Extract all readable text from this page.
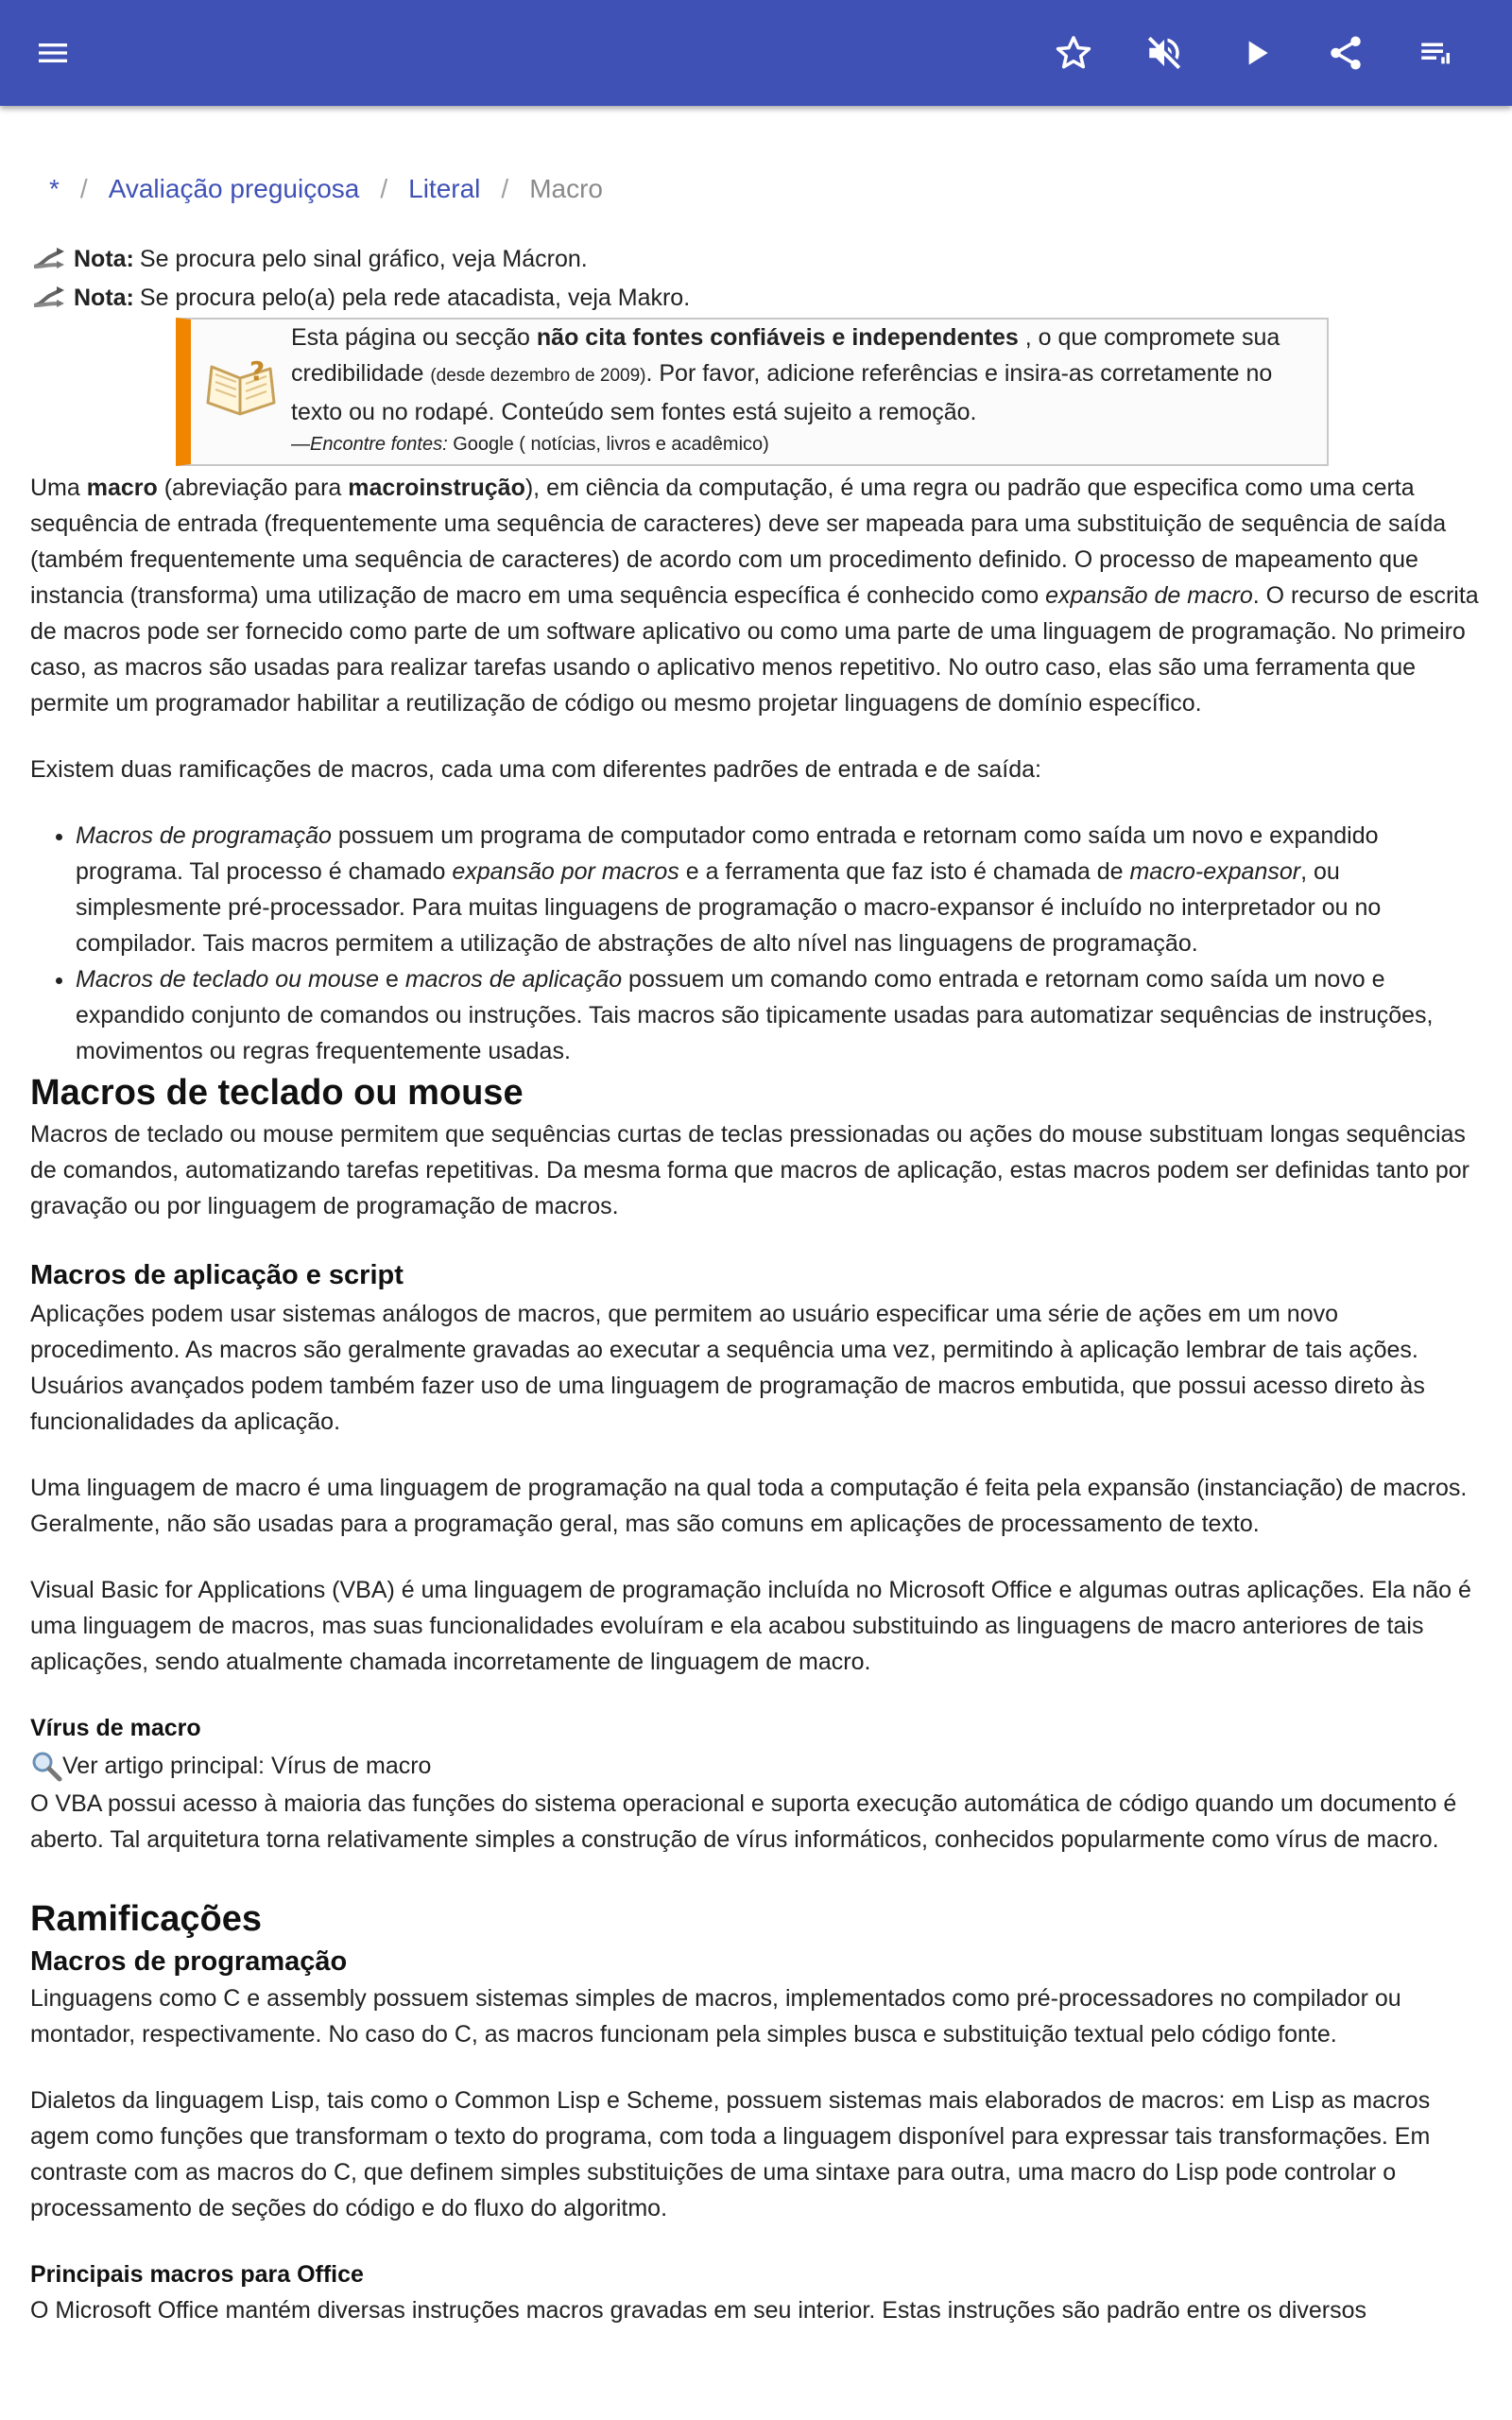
* / Avaliação preguiçosa / Literal / Macro
Nota: Se procura pelo sinal gráfico, veja Mácron.
Nota: Se procura pelo(a) pela rede atacadista, veja Makro.
?

Esta página ou secção não cita fontes confiáveis e independentes , o que compromete sua credibilidade (desde dezembro de 2009). Por favor, adicione referências e insira-as corretamente no texto ou no rodapé. Conteúdo sem fontes está sujeito a remoção.

—Encontre fontes: Google ( notícias, livros e acadêmico)

Uma macro (abreviação para macroinstrução), em ciência da computação, é uma regra ou padrão que especifica como uma certa sequência de entrada (frequentemente uma sequência de caracteres) deve ser mapeada para uma substituição de sequência de saída (também frequentemente uma sequência de caracteres) de acordo com um procedimento definido. O processo de mapeamento que instancia (transforma) uma utilização de macro em uma sequência específica é conhecido como expansão de macro. O recurso de escrita de macros pode ser fornecido como parte de um software aplicativo ou como uma parte de uma linguagem de programação. No primeiro caso, as macros são usadas para realizar tarefas usando o aplicativo menos repetitivo. No outro caso, elas são uma ferramenta que permite um programador habilitar a reutilização de código ou mesmo projetar linguagens de domínio específico.

Existem duas ramificações de macros, cada uma com diferentes padrões de entrada e de saída:

• Macros de programação possuem um programa de computador como entrada e retornam como saída um novo e expandido programa. Tal processo é chamado expansão por macros e a ferramenta que faz isto é chamada de macro-expansor, ou simplesmente pré-processador. Para muitas linguagens de programação o macro-expansor é incluído no interpretador ou no compilador. Tais macros permitem a utilização de abstrações de alto nível nas linguagens de programação.
• Macros de teclado ou mouse e macros de aplicação possuem um comando como entrada e retornam como saída um novo e expandido conjunto de comandos ou instruções. Tais macros são tipicamente usadas para automatizar sequências de instruções, movimentos ou regras frequentemente usadas.
Macros de teclado ou mouse

Macros de teclado ou mouse permitem que sequências curtas de teclas pressionadas ou ações do mouse substituam longas sequências de comandos, automatizando tarefas repetitivas. Da mesma forma que macros de aplicação, estas macros podem ser definidas tanto por gravação ou por linguagem de programação de macros.

Macros de aplicação e script

Aplicações podem usar sistemas análogos de macros, que permitem ao usuário especificar uma série de ações em um novo procedimento. As macros são geralmente gravadas ao executar a sequência uma vez, permitindo à aplicação lembrar de tais ações. Usuários avançados podem também fazer uso de uma linguagem de programação de macros embutida, que possui acesso direto às funcionalidades da aplicação.

Uma linguagem de macro é uma linguagem de programação na qual toda a computação é feita pela expansão (instanciação) de macros. Geralmente, não são usadas para a programação geral, mas são comuns em aplicações de processamento de texto.

Visual Basic for Applications (VBA) é uma linguagem de programação incluída no Microsoft Office e algumas outras aplicações. Ela não é uma linguagem de macros, mas suas funcionalidades evoluíram e ela acabou substituindo as linguagens de macro anteriores de tais aplicações, sendo atualmente chamada incorretamente de linguagem de macro.

Vírus de macro
Ver artigo principal: Vírus de macro

O VBA possui acesso à maioria das funções do sistema operacional e suporta execução automática de código quando um documento é aberto. Tal arquitetura torna relativamente simples a construção de vírus informáticos, conhecidos popularmente como vírus de macro.

Ramificações
Macros de programação

Linguagens como C e assembly possuem sistemas simples de macros, implementados como pré-processadores no compilador ou montador, respectivamente. No caso do C, as macros funcionam pela simples busca e substituição textual pelo código fonte.

Dialetos da linguagem Lisp, tais como o Common Lisp e Scheme, possuem sistemas mais elaborados de macros: em Lisp as macros agem como funções que transformam o texto do programa, com toda a linguagem disponível para expressar tais transformações. Em contraste com as macros do C, que definem simples substituições de uma sintaxe para outra, uma macro do Lisp pode controlar o processamento de seções do código e do fluxo do algoritmo.

Principais macros para Office

O Microsoft Office mantém diversas instruções macros gravadas em seu interior. Estas instruções são padrão entre os diversos
